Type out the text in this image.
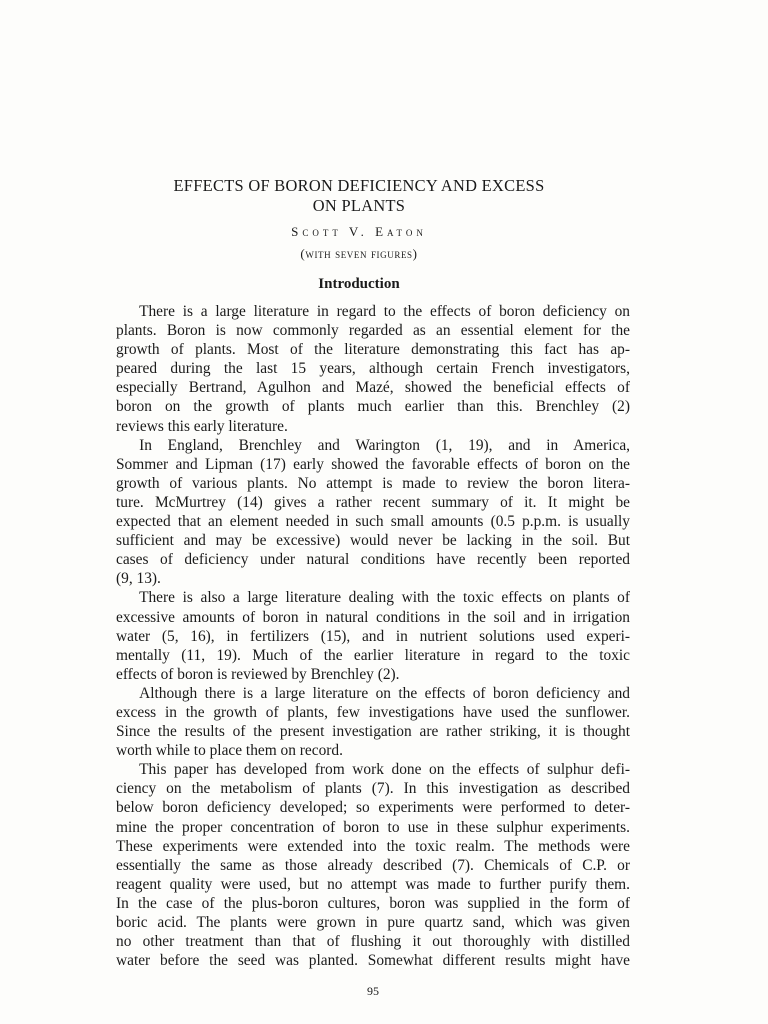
EFFECTS OF BORON DEFICIENCY AND EXCESS
ON PLANTS
Scott V. Eaton
(with seven figures)
Introduction
  There is a large literature in regard to the effects of boron deficiency on
plants. Boron is now commonly regarded as an essential element for the
growth of plants. Most of the literature demonstrating this fact has ap-
peared during the last 15 years, although certain French investigators,
especially Bertrand, Agulhon and Mazé, showed the beneficial effects of
boron on the growth of plants much earlier than this. Brenchley (2)
reviews this early literature.
  In England, Brenchley and Warington (1, 19), and in America,
Sommer and Lipman (17) early showed the favorable effects of boron on the
growth of various plants. No attempt is made to review the boron litera-
ture. McMurtrey (14) gives a rather recent summary of it. It might be
expected that an element needed in such small amounts (0.5 p.p.m. is usually
sufficient and may be excessive) would never be lacking in the soil. But
cases of deficiency under natural conditions have recently been reported
(9, 13).
  There is also a large literature dealing with the toxic effects on plants of
excessive amounts of boron in natural conditions in the soil and in irrigation
water (5, 16), in fertilizers (15), and in nutrient solutions used experi-
mentally (11, 19). Much of the earlier literature in regard to the toxic
effects of boron is reviewed by Brenchley (2).
  Although there is a large literature on the effects of boron deficiency and
excess in the growth of plants, few investigations have used the sunflower.
Since the results of the present investigation are rather striking, it is thought
worth while to place them on record.
  This paper has developed from work done on the effects of sulphur defi-
ciency on the metabolism of plants (7). In this investigation as described
below boron deficiency developed; so experiments were performed to deter-
mine the proper concentration of boron to use in these sulphur experiments.
These experiments were extended into the toxic realm. The methods were
essentially the same as those already described (7). Chemicals of C.P. or
reagent quality were used, but no attempt was made to further purify them.
In the case of the plus-boron cultures, boron was supplied in the form of
boric acid. The plants were grown in pure quartz sand, which was given
no other treatment than that of flushing it out thoroughly with distilled
water before the seed was planted. Somewhat different results might have
95
